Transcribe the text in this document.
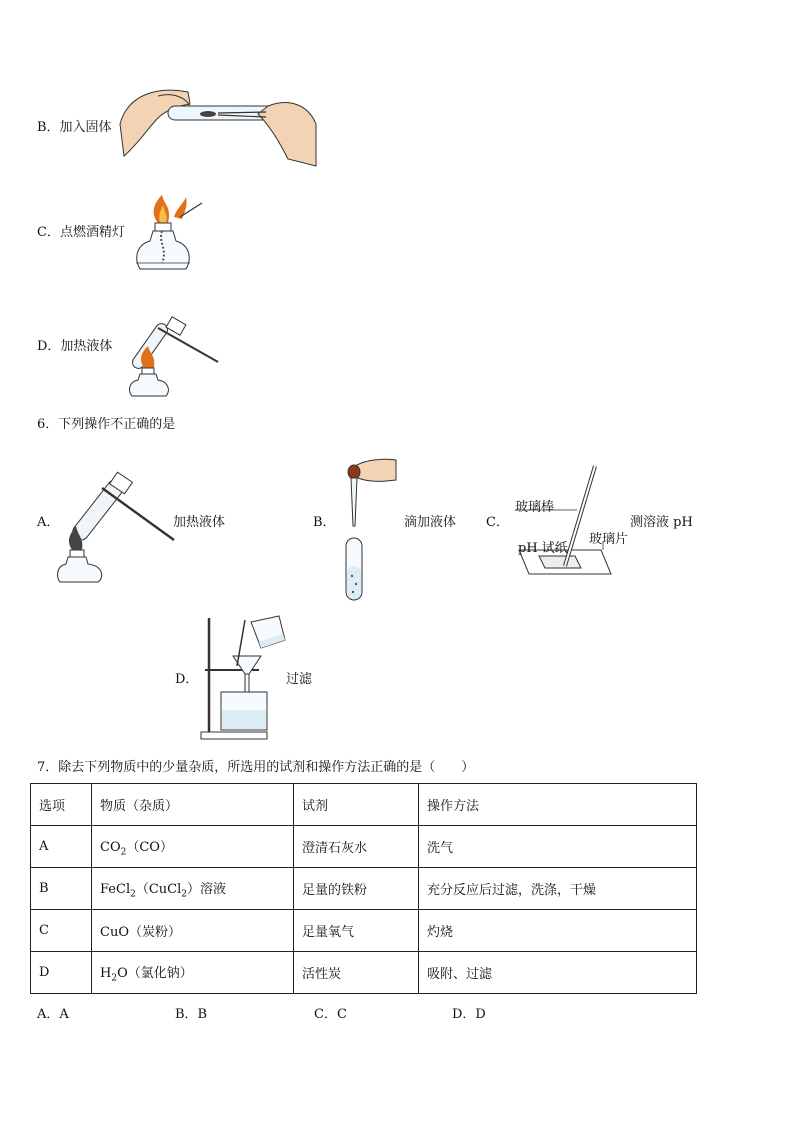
B．加入固体
C．点燃酒精灯
D．加热液体
6．下列操作不正确的是
A．	加热液体	B．	滴加液体 C．
玻璃棒
pH 试纸
玻璃片
测溶液 pH
D．	过滤
7．除去下列物质中的少量杂质，所选用的试剂和操作方法正确的是（　　）
选项	物质（杂质）	试剂	操作方法
A	$CO_2(CO)$	澄清石灰水	洗气
B	FeCl$_2$（CuCl$_2$）溶液	足量的铁粉	充分反应后过滤，洗涤，干燥
C	CuO（炭粉）	足量氧气	灼烧
D	$H_2O$（氯化钠）	活性炭	吸附、过滤
A．A	B．B	C．C	D．D
